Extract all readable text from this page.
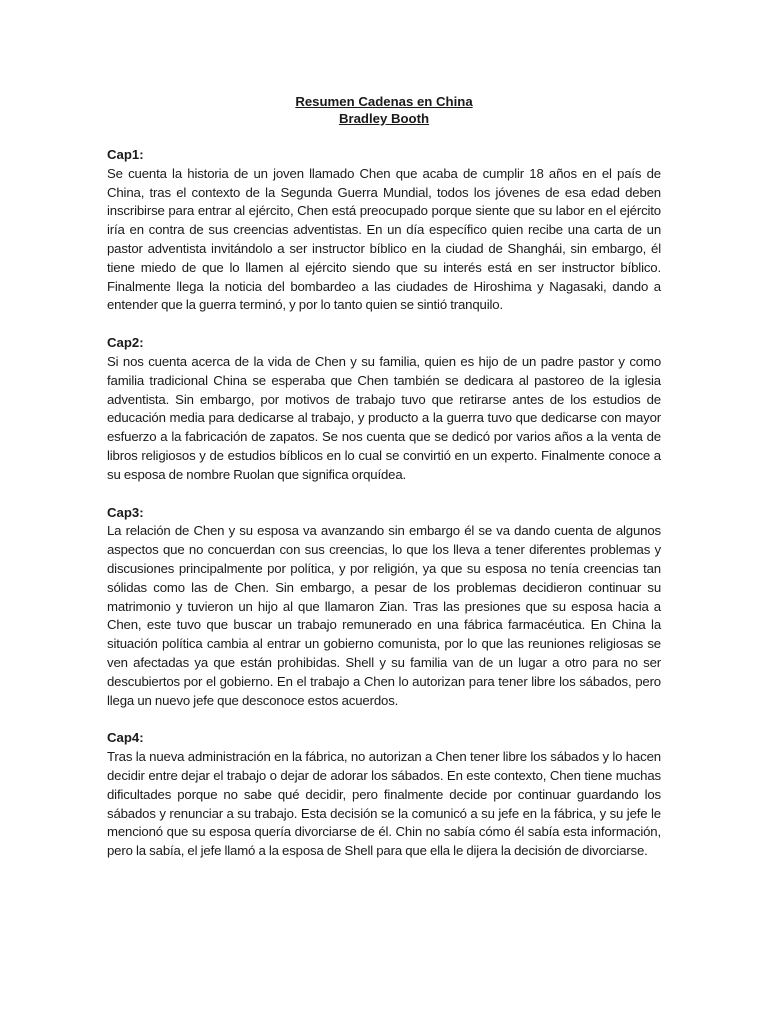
Resumen Cadenas en China
Bradley Booth
Cap1:
Se cuenta la historia de un joven llamado Chen que acaba de cumplir 18 años en el país de China, tras el contexto de la Segunda Guerra Mundial, todos los jóvenes de esa edad deben inscribirse para entrar al ejército, Chen está preocupado porque siente que su labor en el ejército iría en contra de sus creencias adventistas. En un día específico quien recibe una carta de un pastor adventista invitándolo a ser instructor bíblico en la ciudad de Shanghái, sin embargo, él tiene miedo de que lo llamen al ejército siendo que su interés está en ser instructor bíblico. Finalmente llega la noticia del bombardeo a las ciudades de Hiroshima y Nagasaki, dando a entender que la guerra terminó, y por lo tanto quien se sintió tranquilo.
Cap2:
Si nos cuenta acerca de la vida de Chen y su familia, quien es hijo de un padre pastor y como familia tradicional China se esperaba que Chen también se dedicara al pastoreo de la iglesia adventista. Sin embargo, por motivos de trabajo tuvo que retirarse antes de los estudios de educación media para dedicarse al trabajo, y producto a la guerra tuvo que dedicarse con mayor esfuerzo a la fabricación de zapatos. Se nos cuenta que se dedicó por varios años a la venta de libros religiosos y de estudios bíblicos en lo cual se convirtió en un experto. Finalmente conoce a su esposa de nombre Ruolan que significa orquídea.
Cap3:
La relación de Chen y su esposa va avanzando sin embargo él se va dando cuenta de algunos aspectos que no concuerdan con sus creencias, lo que los lleva a tener diferentes problemas y discusiones principalmente por política, y por religión, ya que su esposa no tenía creencias tan sólidas como las de Chen. Sin embargo, a pesar de los problemas decidieron continuar su matrimonio y tuvieron un hijo al que llamaron Zian. Tras las presiones que su esposa hacia a Chen, este tuvo que buscar un trabajo remunerado en una fábrica farmacéutica. En China la situación política cambia al entrar un gobierno comunista, por lo que las reuniones religiosas se ven afectadas ya que están prohibidas. Shell y su familia van de un lugar a otro para no ser descubiertos por el gobierno. En el trabajo a Chen lo autorizan para tener libre los sábados, pero llega un nuevo jefe que desconoce estos acuerdos.
Cap4:
Tras la nueva administración en la fábrica, no autorizan a Chen tener libre los sábados y lo hacen decidir entre dejar el trabajo o dejar de adorar los sábados. En este contexto, Chen tiene muchas dificultades porque no sabe qué decidir, pero finalmente decide por continuar guardando los sábados y renunciar a su trabajo. Esta decisión se la comunicó a su jefe en la fábrica, y su jefe le mencionó que su esposa quería divorciarse de él. Chin no sabía cómo él sabía esta información, pero la sabía, el jefe llamó a la esposa de Shell para que ella le dijera la decisión de divorciarse.
